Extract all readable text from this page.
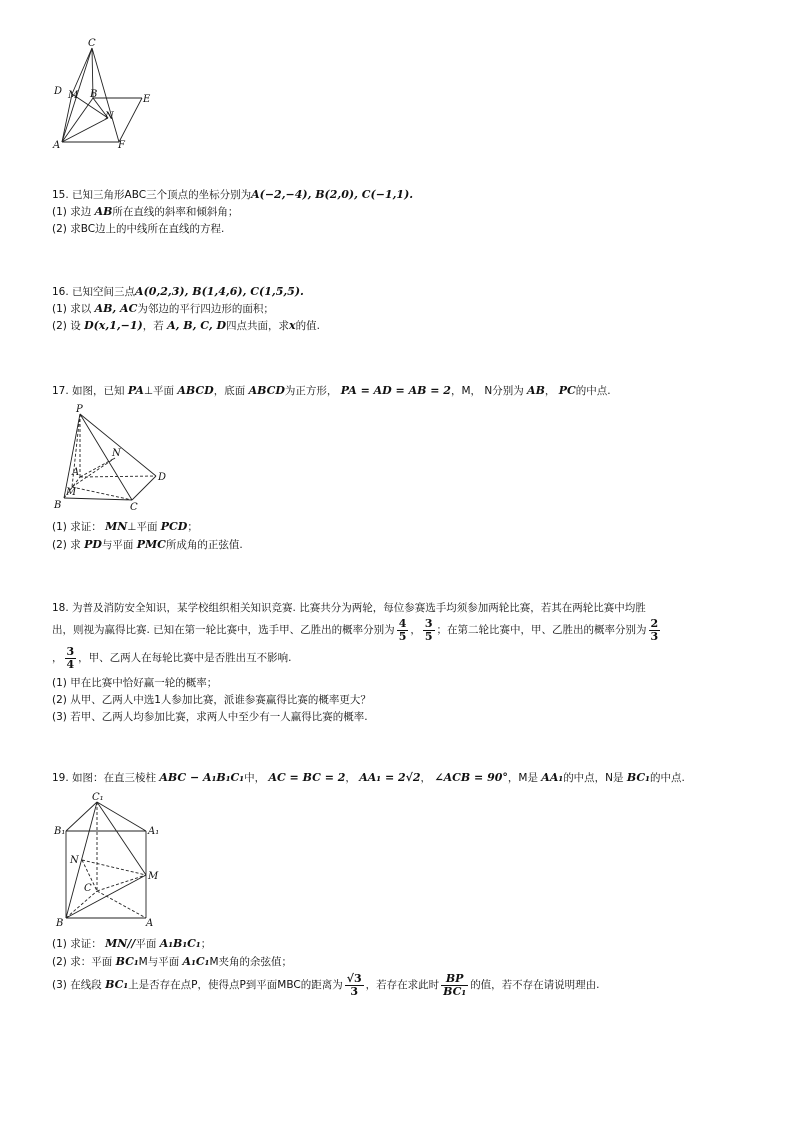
C
D M B	E
N
A	F
15. 已知三角形ABC三个顶点的坐标分别为A(−2,−4), B(2,0), C(−1,1).
(1) 求边 AB所在直线的斜率和倾斜角；
(2) 求BC边上的中线所在直线的方程.
16. 已知空间三点A(0,2,3), B(1,4,6), C(1,5,5).
(1) 求以 AB, AC为邻边的平行四边形的面积；
(2) 设 D(x,1,−1)，若 A, B, C, D四点共面，求x的值.
17. 如图，已知 PA⊥平面 ABCD，底面 ABCD为正方形， PA = AD = AB = 2，M， N分别为 AB， PC的中点.
P
N
D
A
M
B	C
(1) 求证： MN⊥平面 PCD；
(2) 求 PD与平面 PMC所成角的正弦值.
18. 为普及消防安全知识，某学校组织相关知识竞赛. 比赛共分为两轮，每位参赛选手均须参加两轮比赛，若其在两轮比赛中均胜
出，则视为赢得比赛. 已知在第一轮比赛中，选手甲、乙胜出的概率分别为 $\frac{4}{5}$ ， $\frac{3}{5}$ ；在第二轮比赛中，甲、乙胜出的概率分别为 $\frac{2}{3}$
， $\frac{3}{4}$ ，甲、乙两人在每轮比赛中是否胜出互不影响.
(1) 甲在比赛中恰好赢一轮的概率；
(2) 从甲、乙两人中选1人参加比赛，派谁参赛赢得比赛的概率更大？
(3) 若甲、乙两人均参加比赛，求两人中至少有一人赢得比赛的概率.
19. 如图：在直三棱柱 ABC − A₁B₁C₁中， AC = BC = 2， AA₁ = 2√2， ∠ACB = 90°，M是 AA₁的中点，N是 BC₁的中点.
C₁
B₁	A₁
N
M
C
B	A
(1) 求证： MN//平面 A₁B₁C₁；
(2) 求：平面 BC₁M与平面 A₁C₁M夹角的余弦值；
(3) 在线段 BC₁上是否存在点P，使得点P到平面MBC的距离为 $\frac{√3}{3}$ ，若存在求此时 $\frac{BP}{\text{BC₁}}$ 的值，若不存在请说明理由.
